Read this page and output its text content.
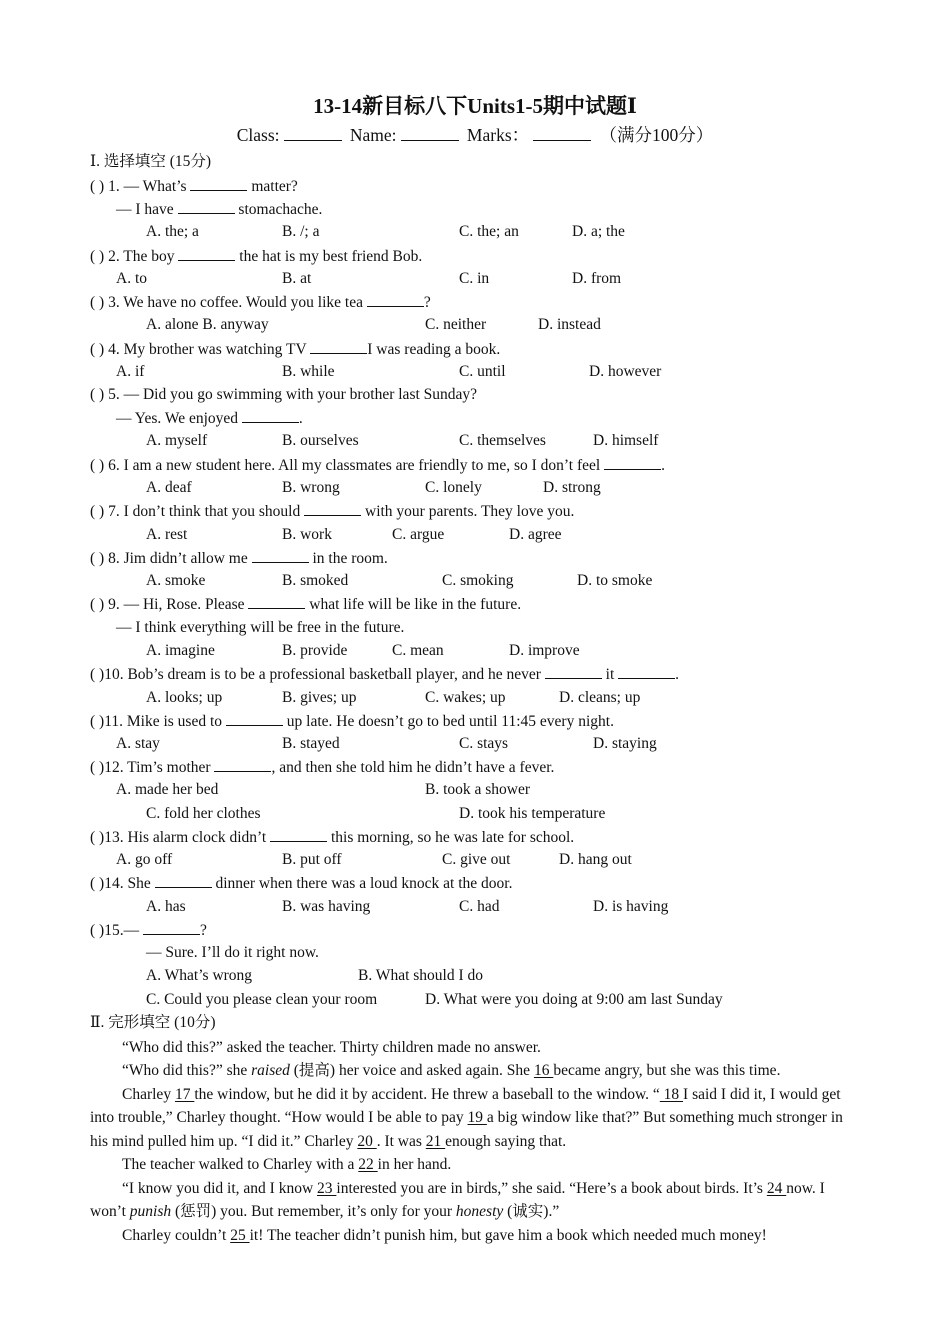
13-14新目标八下Units1-5期中试题Ⅰ
Class:	Name:	Marks：	（满分100分）
Ⅰ. 选择填空 (15分)
( ) 1. — What’s	matter?
— I have	stomachache.
A. the; a	B. /; a	C. the; an	D. a; the
( ) 2. The boy	the hat is my best friend Bob.
A. to	B. at	C. in	D. from
( ) 3. We have no coffee. Would you like tea	?
A. alone B. anyway	C. neither	D. instead
( ) 4. My brother was watching TV	I was reading a book.
A. if	B. while	C. until	D. however
( ) 5. — Did you go swimming with your brother last Sunday?
— Yes. We enjoyed	.
A. myself	B. ourselves	C. themselves	D. himself
( ) 6. I am a new student here. All my classmates are friendly to me, so I don’t feel	.
A. deaf	B. wrong	C. lonely	D. strong
( ) 7. I don’t think that you should	with your parents. They love you.
A. rest	B. work	C. argue	D. agree
( ) 8. Jim didn’t allow me	in the room.
A. smoke	B. smoked	C. smoking	D. to smoke
( ) 9. — Hi, Rose. Please	what life will be like in the future.
— I think everything will be free in the future.
A. imagine	B. provide	C. mean	D. improve
( )10. Bob’s dream is to be a professional basketball player, and he never	it	.
A. looks; up	B. gives; up	C. wakes; up	D. cleans; up
( )11. Mike is used to	up late. He doesn’t go to bed until 11:45 every night.
A. stay	B. stayed	C. stays	D. staying
( )12. Tim’s mother	, and then she told him he didn’t have a fever.
A. made her bed	B. took a shower
C. fold her clothes	D. took his temperature
( )13. His alarm clock didn’t	this morning, so he was late for school.
A. go off	B. put off	C. give out	D. hang out
( )14. She	dinner when there was a loud knock at the door.
A. has	B. was having	C. had	D. is having
( )15.—	?
— Sure. I’ll do it right now.
A. What’s wrong	B. What should I do
C. Could you please clean your room	D. What were you doing at 9:00 am last Sunday
Ⅱ. 完形填空 (10分)
“Who did this?” asked the teacher. Thirty children made no answer.
“Who did this?” she raised (提高) her voice and asked again. She 16 became angry, but she was this time.
Charley 17 the window, but he did it by accident. He threw a baseball to the window. “ 18 I said I did it, I would get into trouble,” Charley thought. “How would I be able to pay 19 a big window like that?” But something much stronger in his mind pulled him up. “I did it.” Charley 20 . It was 21 enough saying that.
The teacher walked to Charley with a 22 in her hand.
“I know you did it, and I know 23 interested you are in birds,” she said. “Here’s a book about birds. It’s 24 now. I won’t punish (惩罚) you. But remember, it’s only for your honesty (诚实).”
Charley couldn’t 25 it! The teacher didn’t punish him, but gave him a book which needed much money!
